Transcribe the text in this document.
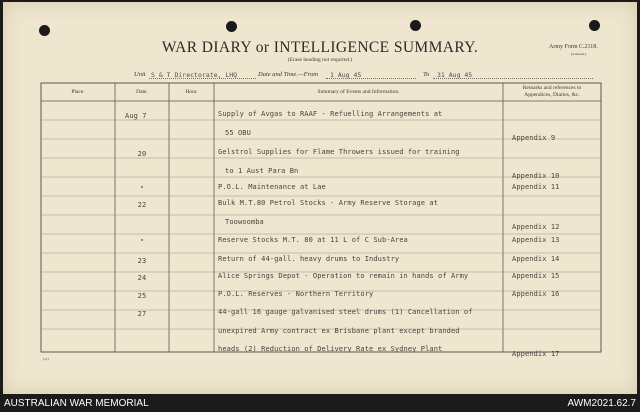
WAR DIARY or INTELLIGENCE SUMMARY.
(Erase heading not required.)
Army Form C.2118.
(Adopted.)
Unit S & T Directorate, LHQ	Date and Time.—From 1 Aug 45	To 31 Aug 45
Place.	Date.	Hour.	Summary of Events and Information.
Remarks and references to
Appendices, Diaries, &c.
Aug 7	Supply of Avgas to RAAF - Refuelling Arrangements at
55 OBU
Appendix 9
20	Gelstrol Supplies for Flame Throwers issued for training
to 1 Aust Para Bn
Appendix 10
"	P.O.L. Maintenance at Lae	Appendix 11
22	Bulk M.T.80 Petrol Stocks - Army Reserve Storage at
Toowoomba
Appendix 12
"	Reserve Stocks M.T. 80 at 11 L of C Sub-Area	Appendix 13
23	Return of 44-gall. heavy drums to Industry	Appendix 14
24	Alice Springs Depot - Operation to remain in hands of Army	Appendix 15
25	P.O.L. Reserves - Northern Territory	Appendix 16
27	44-gall 16 gauge galvanised steel drums (1) Cancellation of
unexpired Army contract ex Brisbane plant except branded
heads (2) Reduction of Delivery Rate ex Sydney Plant
Appendix 17
(11)
AUSTRALIAN WAR MEMORIAL	AWM2021.62.7
